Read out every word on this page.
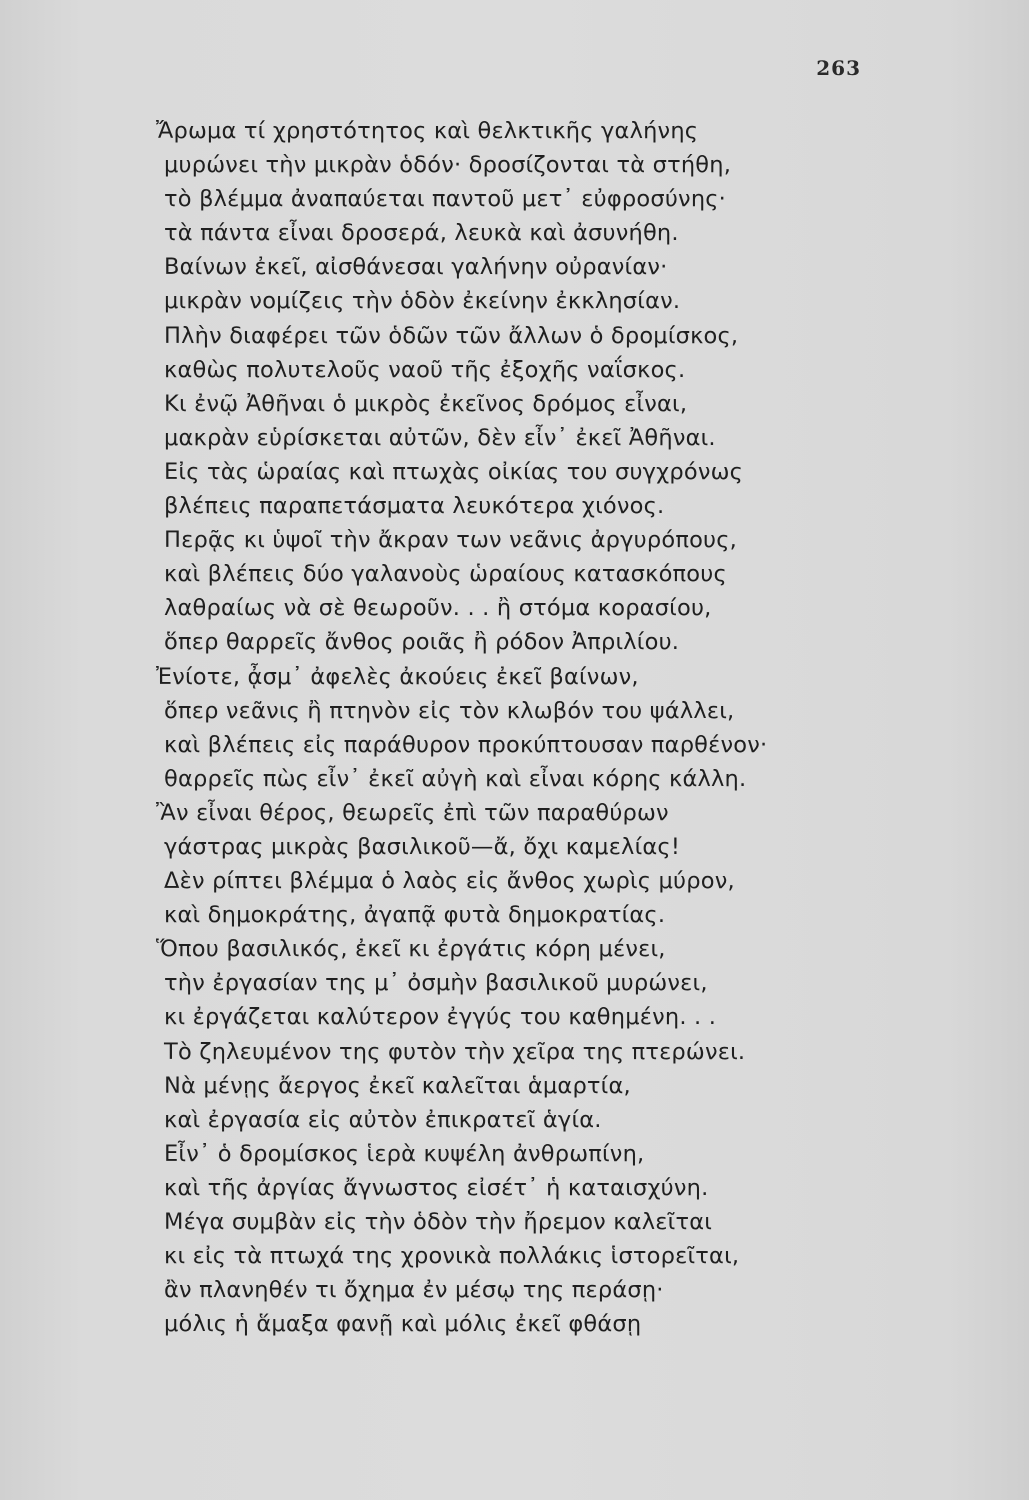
263
Ἄρωμα τί χρηστότητος καὶ θελκτικῆς γαλήνης
μυρώνει τὴν μικρὰν ὁδόν· δροσίζονται τὰ στήθη,
τὸ βλέμμα ἀναπαύεται παντοῦ μετ᾽ εὐφροσύνης·
τὰ πάντα εἶναι δροσερά, λευκὰ καὶ ἀσυνήθη.
Βαίνων ἐκεῖ, αἰσθάνεσαι γαλήνην οὐρανίαν·
μικρὰν νομίζεις τὴν ὁδὸν ἐκείνην ἐκκλησίαν.
Πλὴν διαφέρει τῶν ὁδῶν τῶν ἄλλων ὁ δρομίσκος,
καθὼς πολυτελοῦς ναοῦ τῆς ἐξοχῆς ναΐσκος.
Κι ἐνῷ Ἀθῆναι ὁ μικρὸς ἐκεῖνος δρόμος εἶναι,
μακρὰν εὑρίσκεται αὐτῶν, δὲν εἶν᾽ ἐκεῖ Ἀθῆναι.
Εἰς τὰς ὡραίας καὶ πτωχὰς οἰκίας του συγχρόνως
βλέπεις παραπετάσματα λευκότερα χιόνος.
Περᾷς κι ὑψοῖ τὴν ἄκραν των νεᾶνις ἀργυρόπους,
καὶ βλέπεις δύο γαλανοὺς ὡραίους κατασκόπους
λαθραίως νὰ σὲ θεωροῦν. . . ἢ στόμα κορασίου,
ὅπερ θαρρεῖς ἄνθος ροιᾶς ἢ ρόδον Ἀπριλίου.
Ἐνίοτε, ᾆσμ᾽ ἀφελὲς ἀκούεις ἐκεῖ βαίνων,
ὅπερ νεᾶνις ἢ πτηνὸν εἰς τὸν κλωβόν του ψάλλει,
καὶ βλέπεις εἰς παράθυρον προκύπτουσαν παρθένον·
θαρρεῖς πὼς εἶν᾽ ἐκεῖ αὐγὴ καὶ εἶναι κόρης κάλλη.
Ἂν εἶναι θέρος, θεωρεῖς ἐπὶ τῶν παραθύρων
γάστρας μικρὰς βασιλικοῦ—ἄ, ὄχι καμελίας!
Δὲν ρίπτει βλέμμα ὁ λαὸς εἰς ἄνθος χωρὶς μύρον,
καὶ δημοκράτης, ἀγαπᾷ φυτὰ δημοκρατίας.
Ὅπου βασιλικός, ἐκεῖ κι ἐργάτις κόρη μένει,
τὴν ἐργασίαν της μ᾽ ὀσμὴν βασιλικοῦ μυρώνει,
κι ἐργάζεται καλύτερον ἐγγύς του καθημένη. . .
Τὸ ζηλευμένον της φυτὸν τὴν χεῖρα της πτερώνει.
Νὰ μένῃς ἄεργος ἐκεῖ καλεῖται ἁμαρτία,
καὶ ἐργασία εἰς αὐτὸν ἐπικρατεῖ ἁγία.
Εἶν᾽ ὁ δρομίσκος ἱερὰ κυψέλη ἀνθρωπίνη,
καὶ τῆς ἀργίας ἄγνωστος εἰσέτ᾽ ἡ καταισχύνη.
Μέγα συμβὰν εἰς τὴν ὁδὸν τὴν ἤρεμον καλεῖται
κι εἰς τὰ πτωχά της χρονικὰ πολλάκις ἱστορεῖται,
ἂν πλανηθέν τι ὄχημα ἐν μέσῳ της περάσῃ·
μόλις ἡ ἅμαξα φανῇ καὶ μόλις ἐκεῖ φθάσῃ
